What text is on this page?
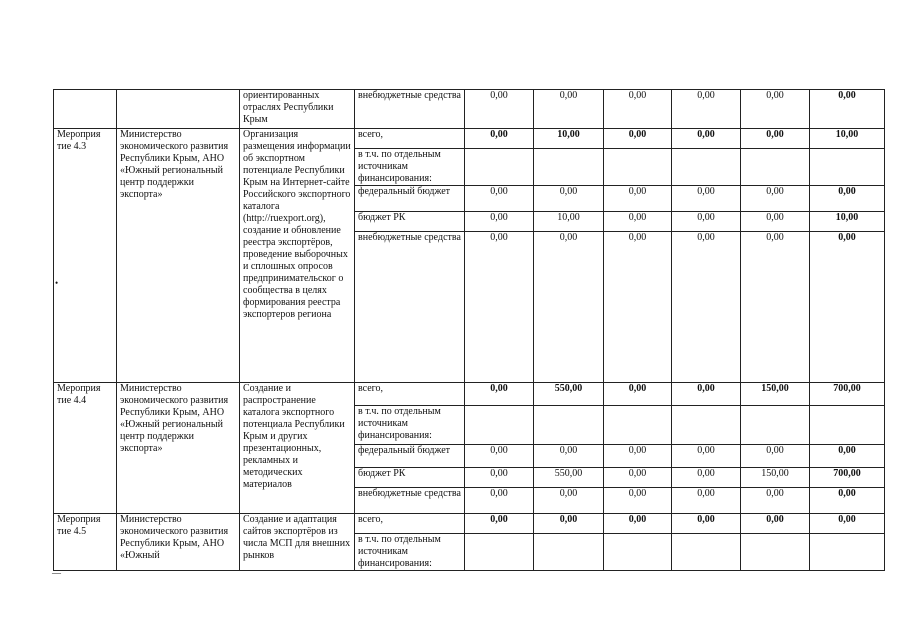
		ориентированных отраслях Республики Крым	внебюджетные средства	0,00	0,00	0,00	0,00	0,00	0,00
Мероприя тие 4.3	Министерство экономического развития Республики Крым, АНО «Южный региональный центр поддержки экспорта»	Организация размещения информации об экспортном потенциале Республики Крым на Интернет-сайте Российского экспортного каталога (http://ruexport.org), создание и обновление реестра экспортёров, проведение выборочных и сплошных опросов предпринимательског о сообщества в целях формирования реестра экспортеров региона	всего,	0,00	10,00	0,00	0,00	0,00	10,00
			в т.ч. по отдельным источникам финансирования:						
			федеральный бюджет	0,00	0,00	0,00	0,00	0,00	0,00
			бюджет РК	0,00	10,00	0,00	0,00	0,00	10,00
			внебюджетные средства	0,00	0,00	0,00	0,00	0,00	0,00
Мероприя тие 4.4	Министерство экономического развития Республики Крым, АНО «Южный региональный центр поддержки экспорта»	Создание и распространение каталога экспортного потенциала Республики Крым и других презентационных, рекламных и методических материалов	всего,	0,00	550,00	0,00	0,00	150,00	700,00
			в т.ч. по отдельным источникам финансирования:						
			федеральный бюджет	0,00	0,00	0,00	0,00	0,00	0,00
			бюджет РК	0,00	550,00	0,00	0,00	150,00	700,00
			внебюджетные средства	0,00	0,00	0,00	0,00	0,00	0,00
Мероприя тие 4.5	Министерство экономического развития Республики Крым, АНО «Южный	Создание и адаптация сайтов экспортёров из числа МСП для внешних рынков	всего,	0,00	0,00	0,00	0,00	0,00	0,00
			в т.ч. по отдельным источникам финансирования:						
•
—
